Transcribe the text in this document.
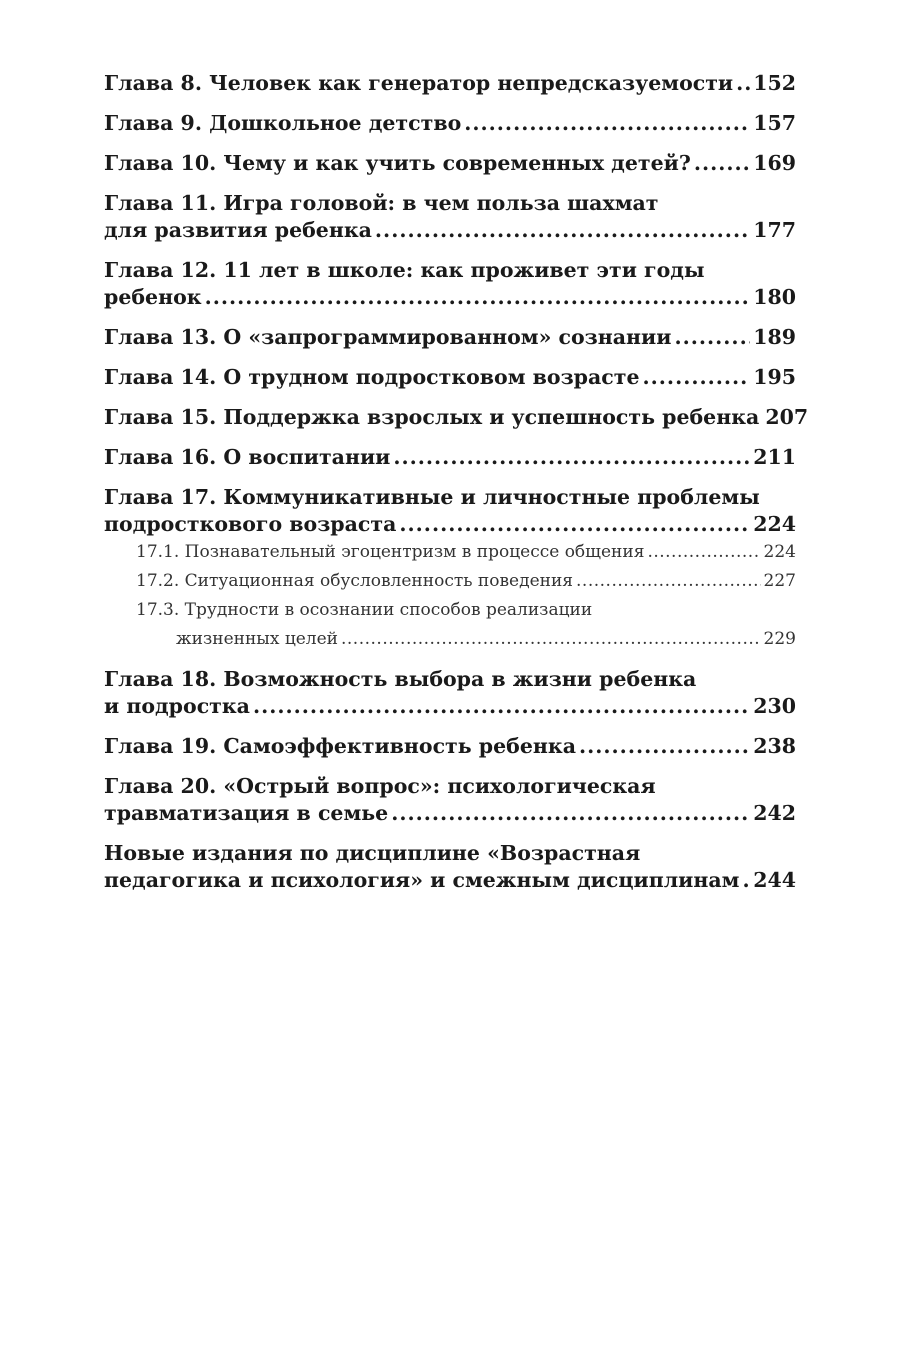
Глава 8. Человек как генератор непредсказуемости ..... 152
Глава 9. Дошкольное детство .....	157
Глава 10. Чему и как учить современных детей? .....	169
Глава 11. Игра головой: в чем польза шахмат
для развития ребенка .....	177
Глава 12. 11 лет в школе: как проживет эти годы
ребенок .....	180
Глава 13. О «запрограммированном» сознании .....	189
Глава 14. О трудном подростковом возрасте .....	195
Глава 15. Поддержка взрослых и успешность ребенка 207
Глава 16. О воспитании .....	211
Глава 17. Коммуникативные и личностные проблемы
подросткового возраста .....	224
17.1. Познавательный эгоцентризм в процессе общения .....	224
17.2. Ситуационная обусловленность поведения .....	227
17.3. Трудности в осознании способов реализации
жизненных целей .....	229
Глава 18. Возможность выбора в жизни ребенка
и подростка .....	230
Глава 19. Самоэффективность ребенка .....	238
Глава 20. «Острый вопрос»: психологическая
травматизация в семье .....	242
Новые издания по дисциплине «Возрастная
педагогика и психология» и смежным дисциплинам ..... 244
